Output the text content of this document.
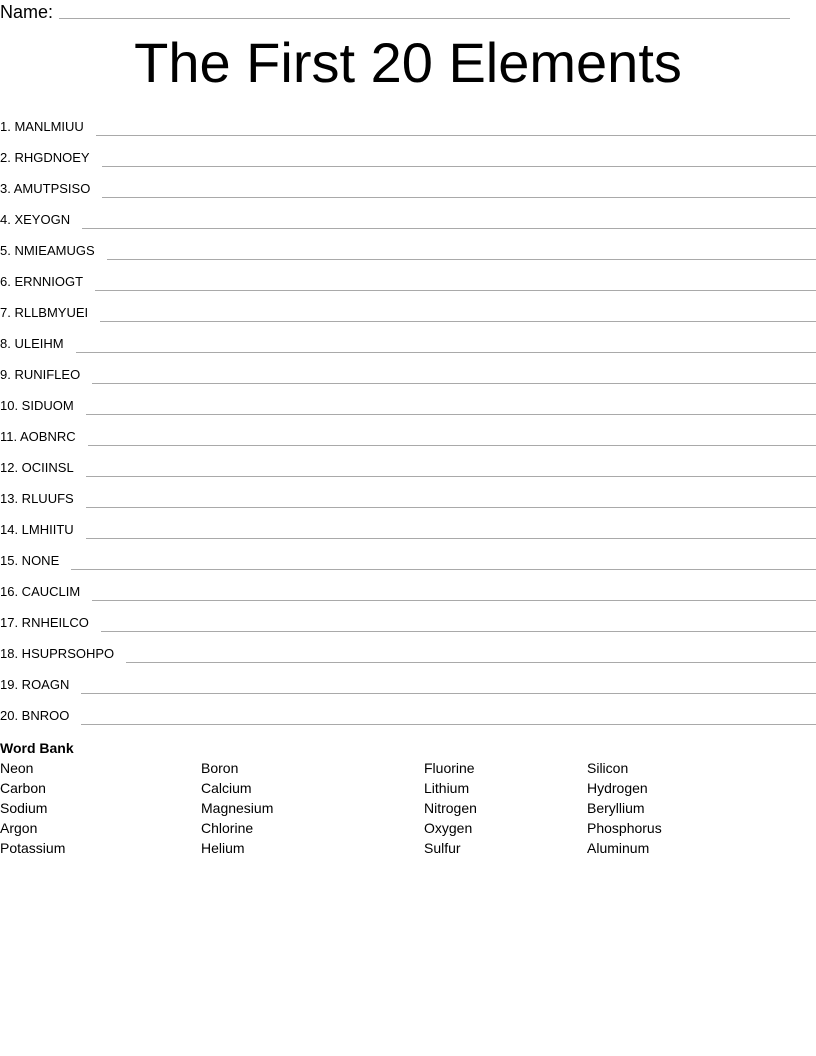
Name:
The First 20 Elements
1. MANLMIUU
2. RHGDNOEY
3. AMUTPSISO
4. XEYOGN
5. NMIEAMUGS
6. ERNNIOGT
7. RLLBMYUEI
8. ULEIHM
9. RUNIFLEO
10. SIDUOM
11. AOBNRC
12. OCIINSL
13. RLUUFS
14. LMHIITU
15. NONE
16. CAUCLIM
17. RNHEILCO
18. HSUPRSOHPO
19. ROAGN
20. BNROO
Word Bank
Neon
Carbon
Sodium
Argon
Potassium
Boron
Calcium
Magnesium
Chlorine
Helium
Fluorine
Lithium
Nitrogen
Oxygen
Sulfur
Silicon
Hydrogen
Beryllium
Phosphorus
Aluminum
